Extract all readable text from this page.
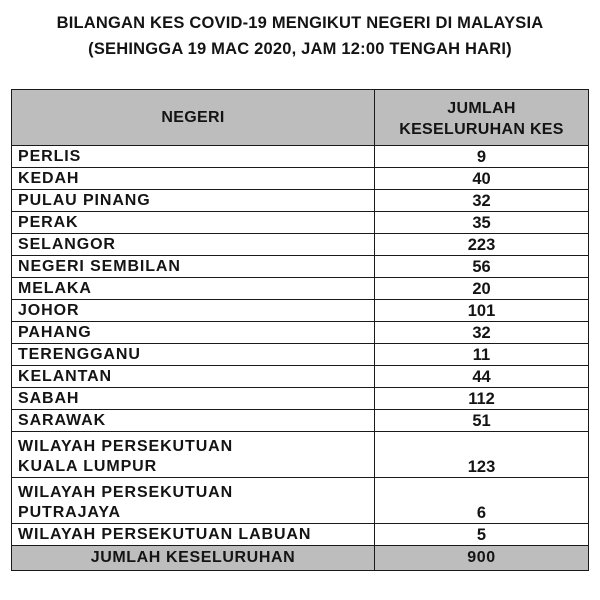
BILANGAN KES COVID-19 MENGIKUT NEGERI DI MALAYSIA
(SEHINGGA 19 MAC 2020, JAM 12:00 TENGAH HARI)
NEGERI	JUMLAH
KESELURUHAN KES

PERLIS	9
KEDAH	40
PULAU PINANG	32
PERAK	35
SELANGOR	223
NEGERI SEMBILAN	56
MELAKA	20
JOHOR	101
PAHANG	32
TERENGGANU	11
KELANTAN	44
SABAH	112
SARAWAK	51

WILAYAH PERSEKUTUAN
KUALA LUMPUR	123

WILAYAH PERSEKUTUAN
PUTRAJAYA	6
WILAYAH PERSEKUTUAN LABUAN	5
JUMLAH KESELURUHAN	900
